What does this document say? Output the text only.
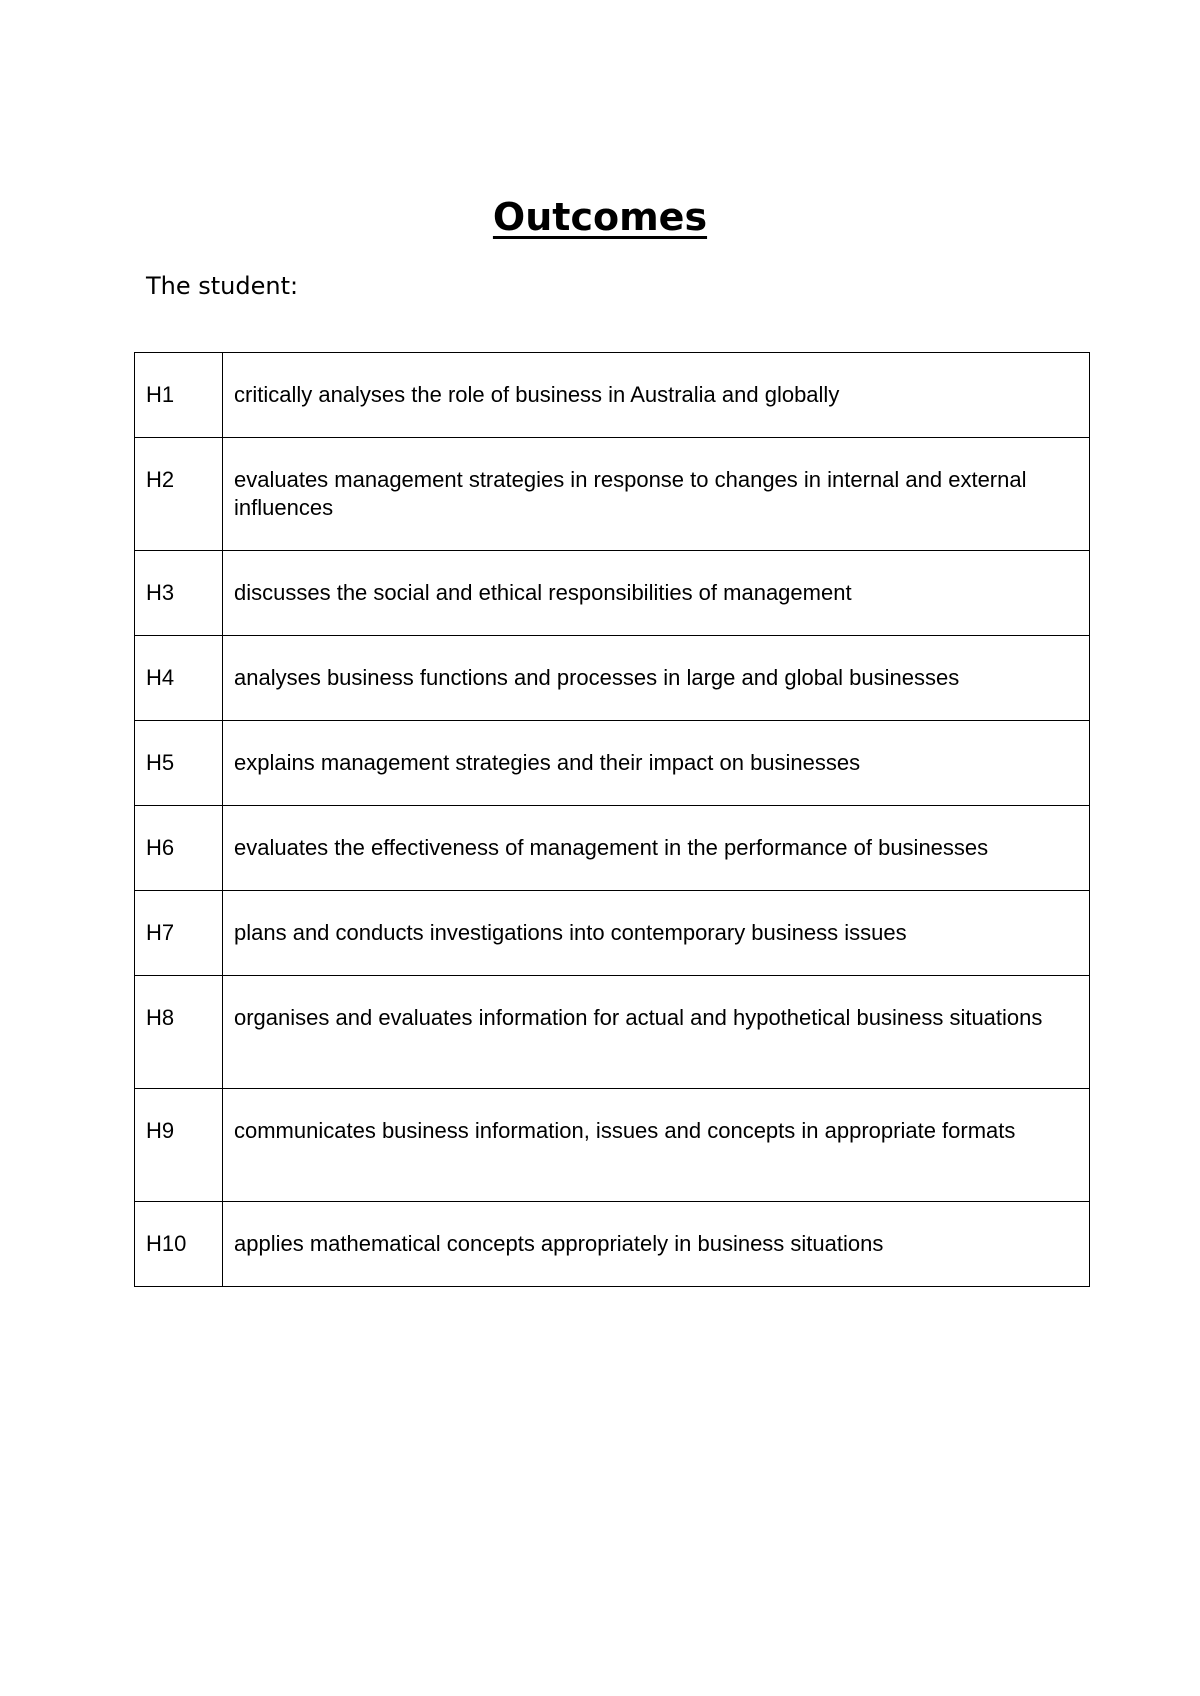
Outcomes

The student:

H1	critically analyses the role of business in Australia and globally
H2	evaluates management strategies in response to changes in internal and external influences
H3	discusses the social and ethical responsibilities of management
H4	analyses business functions and processes in large and global businesses
H5	explains management strategies and their impact on businesses
H6	evaluates the effectiveness of management in the performance of businesses
H7	plans and conducts investigations into contemporary business issues
H8	organises and evaluates information for actual and hypothetical business situations
H9	communicates business information, issues and concepts in appropriate formats
H10	applies mathematical concepts appropriately in business situations
